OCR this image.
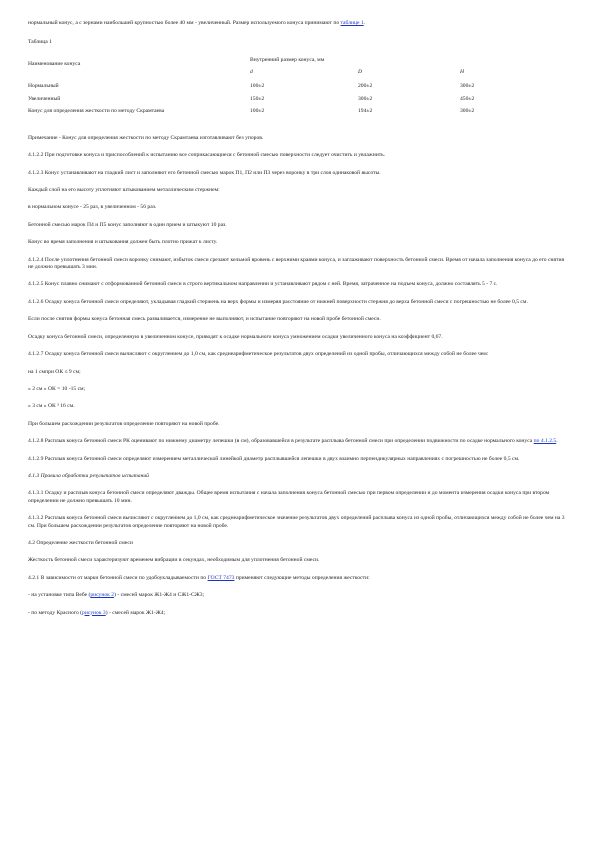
нормальный конус, а с зернами наибольшей крупностью более 40 мм - увеличенный. Размер используемого конуса принимают по таблице 1.

Таблица 1

Внутренний размер конуса, мм
Наименование конуса
d	D	H
Нормальный	100±2	200±2	300±2
Увеличенный	150±2	300±2	450±2
Конус для определения жесткости по методу Скрамтаева	100±2	194±2	300±2

Примечание - Конус для определения жесткости по методу Скрамтаева изготавливают без упоров.

4.1.2.2 При подготовке конуса и приспособлений к испытанию все соприкасающиеся с бетонной смесью поверхности следует очистить и увлажнить.

4.1.2.3 Конус устанавливают на гладкий лист и заполняют его бетонной смесью марок П1, П2 или П3 через воронку в три слоя одинаковой высоты.

Каждый слой на его высоту уплотняют штыкованием металлическим стержнем:

в нормальном конусе - 25 раз, в увеличенном - 56 раз.

Бетонной смесью марок П4 и П5 конус заполняют в один прием и штыкуют 10 раз.

Конус во время заполнения и штыкования должен быть плотно прижат к листу.

4.1.2.4 После уплотнения бетонной смеси воронку снимают, избыток смеси срезают кельмой вровень с верхними краями конуса, и заглаживают поверхность бетонной смеси. Время от начала заполнения конуса до его снятия не должно превышать 3 мин.

4.1.2.5 Конус плавно снимают с отформованной бетонной смеси в строго вертикальном направлении и устанавливают рядом с ней. Время, затраченное на подъем конуса, должно составлять 5 - 7 с.

4.1.2.6 Осадку конуса бетонной смеси определяют, укладывая гладкий стержень на верх формы и измеряя расстояние от нижней поверхности стержня до верха бетонной смеси с погрешностью не более 0,5 см.

Если после снятия формы конуса бетонная смесь разваливается, измерение не выполняют, и испытание повторяют на новой пробе бетонной смеси.

Осадку конуса бетонной смеси, определенную в увеличенном конусе, приводят к осадке нормального конуса умножением осадки увеличенного конуса на коэффициент 0,67.

4.1.2.7 Осадку конуса бетонной смеси вычисляют с округлением до 1,0 см, как среднеарифметическое результатов двух определений из одной пробы, отличающихся между собой не более чем:

на 1 смпри ОК ≤ 9 см;

» 2 см » ОК = 10 -15 см;

» 3 см » ОК ³ 16 см.

При большем расхождении результатов определение повторяют на новой пробе.

4.1.2.8 Расплыв конуса бетонной смеси РК оценивают по нижнему диаметру лепешки (в см), образовавшейся в результате расплыва бетонной смеси при определении подвижности по осадке нормального конуса по 4.1.2.5.

4.1.2.9 Расплыв конуса бетонной смеси определяют измерением металлической линейкой диаметр расплывшейся лепешки в двух взаимно перпендикулярных направлениях с погрешностью не более 0,5 см.

4.1.3 Правила обработки результатов испытаний

4.1.3.1 Осадку и расплыв конуса бетонной смеси определяют дважды. Общее время испытания с начала заполнения конуса бетонной смесью при первом определении и до момента измерения осадки конуса при втором определении не должно превышать 10 мин.

4.1.3.2 Расплыв конуса бетонной смеси вычисляют с округлением до 1,0 см, как среднеарифметическое значение результатов двух определений расплыва конуса из одной пробы, отличающихся между собой не более чем на 3 см. При большем расхождении результатов определение повторяют на новой пробе.

4.2 Определение жесткости бетонной смеси

Жесткость бетонной смеси характеризуют временем вибрации в секундах, необходимым для уплотнения бетонной смеси.

4.2.1 В зависимости от марки бетонной смеси по удобоукладываемости по ГОСТ 7473 применяют следующие методы определения жесткости:

- на установке типа Вебе (рисунок 2) - смесей марок Ж1-Ж4 и СЖ1-СЖ3;

- по методу Красного (рисунок 3) - смесей марок Ж1-Ж4;
